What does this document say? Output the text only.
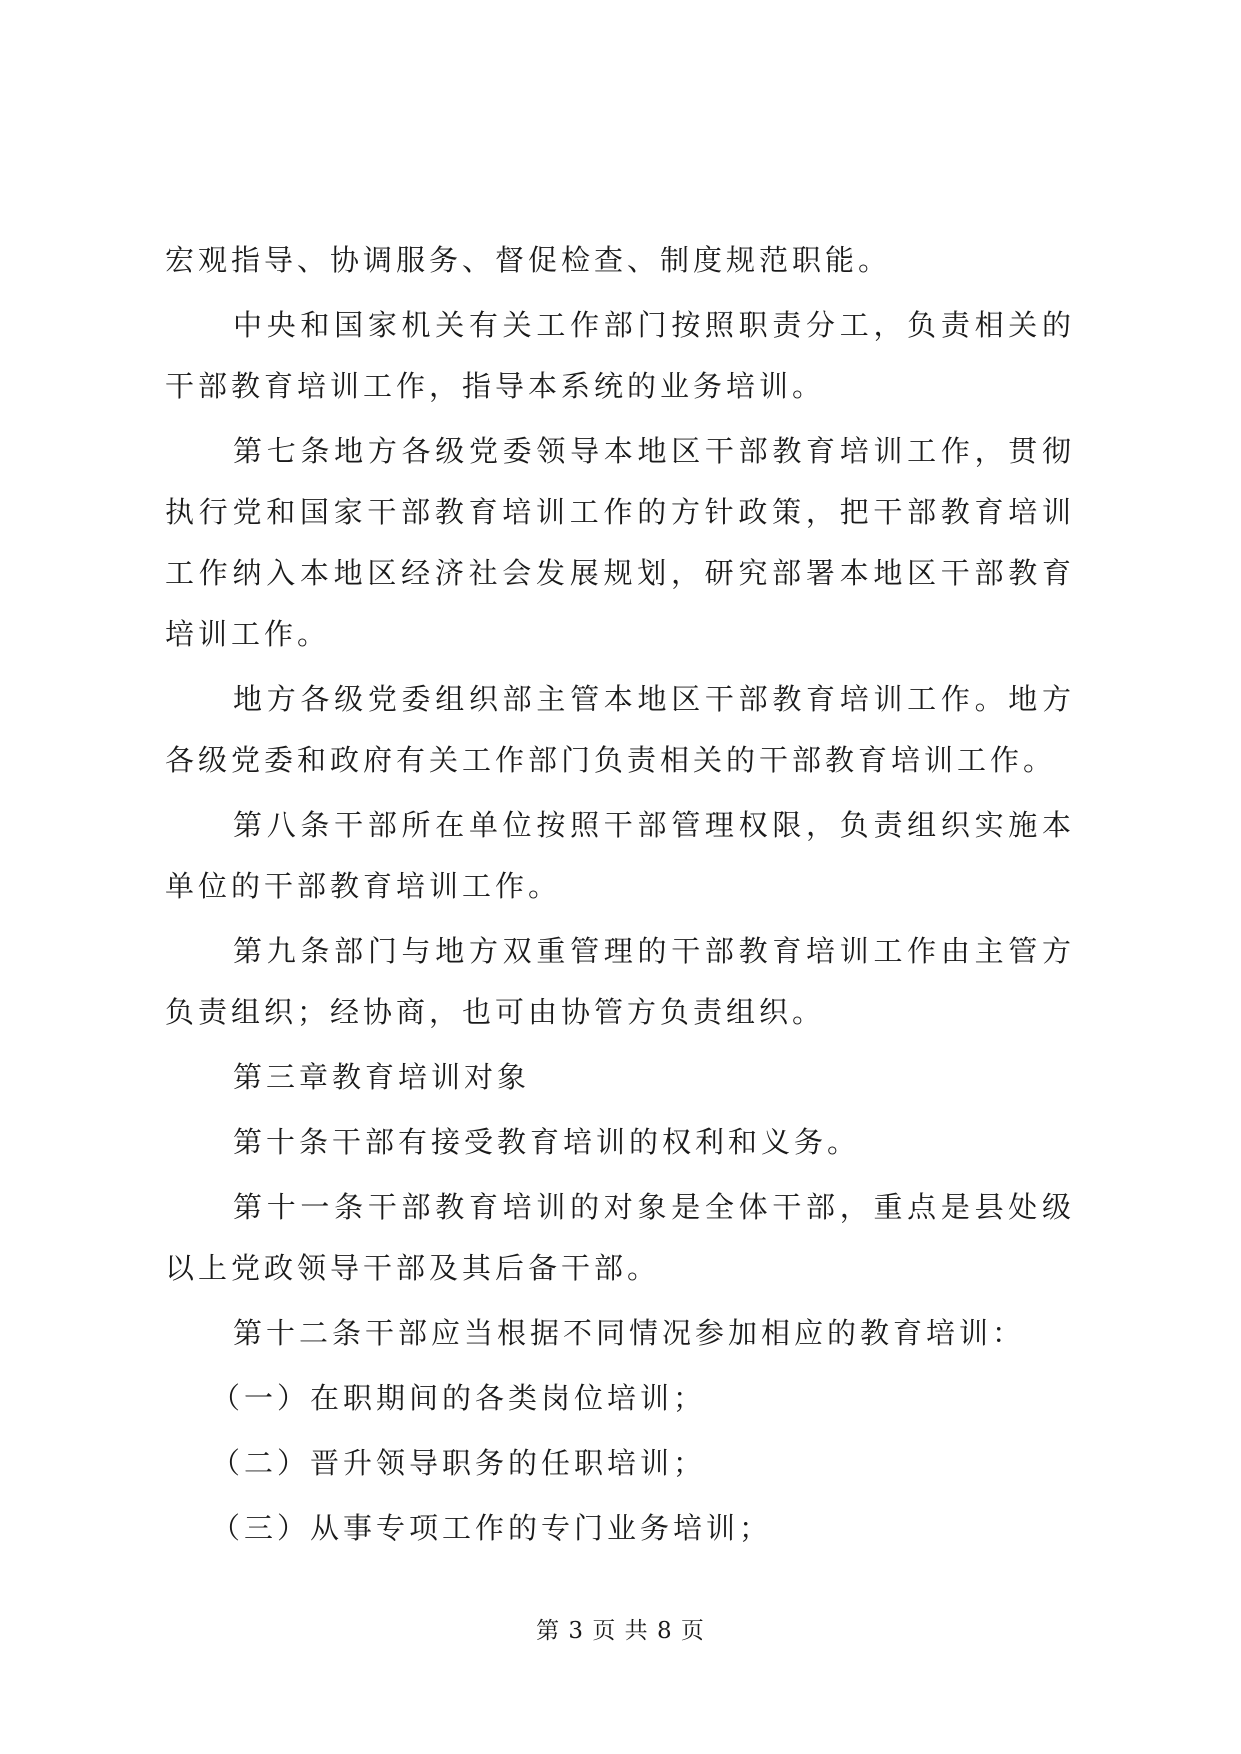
宏观指导、协调服务、督促检查、制度规范职能。

中央和国家机关有关工作部门按照职责分工，负责相关的干部教育培训工作，指导本系统的业务培训。

第七条地方各级党委领导本地区干部教育培训工作，贯彻执行党和国家干部教育培训工作的方针政策，把干部教育培训工作纳入本地区经济社会发展规划，研究部署本地区干部教育培训工作。

地方各级党委组织部主管本地区干部教育培训工作。地方各级党委和政府有关工作部门负责相关的干部教育培训工作。

第八条干部所在单位按照干部管理权限，负责组织实施本单位的干部教育培训工作。

第九条部门与地方双重管理的干部教育培训工作由主管方负责组织；经协商，也可由协管方负责组织。

第三章教育培训对象

第十条干部有接受教育培训的权利和义务。

第十一条干部教育培训的对象是全体干部，重点是县处级以上党政领导干部及其后备干部。

第十二条干部应当根据不同情况参加相应的教育培训：

（一）在职期间的各类岗位培训；

（二）晋升领导职务的任职培训；

（三）从事专项工作的专门业务培训；

第 3 页 共 8 页
